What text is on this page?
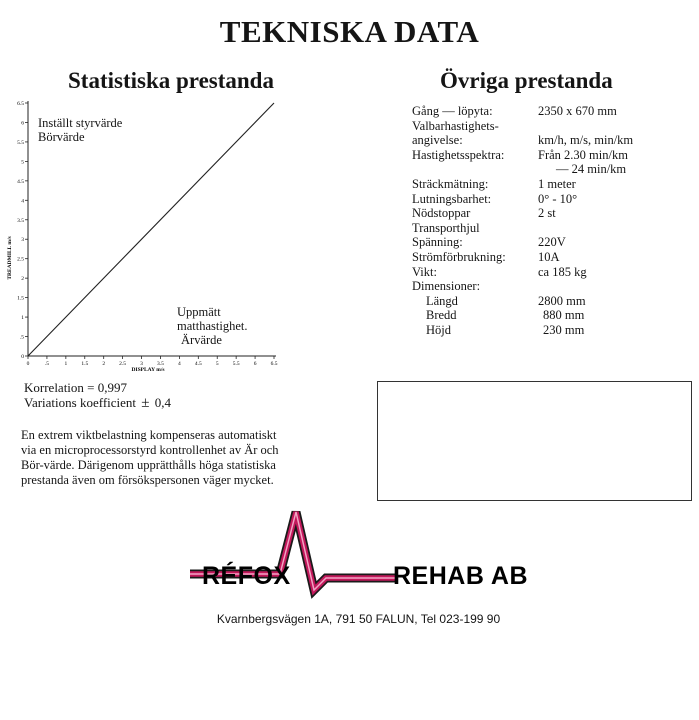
TEKNISKA DATA
Statistiska prestanda	Övriga prestanda
0	.5	1	1.5	2	2.5	3	3.5	4	4.5	5	5.5	6	6.5
0
.5
1
1.5
2
2.5
3
3.5
4
4.5
5
5.5
6
6.5
DISPLAY m/s
TREADMILL m/s
Inställt styrvärde
Börvärde
Uppmätt
matthastighet.
Ärvärde
Korrelation = 0,997
Variations koefficient ± 0,4
En extrem viktbelastning kompenseras automatiskt
via en microprocessorstyrd kontrollenhet av Är och
Bör-värde. Därigenom upprätthålls höga statistiska
prestanda även om försökspersonen väger mycket.
Gång — löpyta:	2350 x 670 mm
Valbarhastighets-
angivelse:	km/h, m/s, min/km
Hastighetsspektra:	Från 2.30 min/km
— 24 min/km
Sträckmätning:	1 meter
Lutningsbarhet:	0° - 10°
Nödstoppar	2 st
Transporthjul
Spänning:	220V
Strömförbrukning:	10A
Vikt:	ca 185 kg
Dimensioner:
Längd	2800 mm
Bredd	880 mm
Höjd	230 mm
RÉFOX	REHAB AB
Kvarnbergsvägen 1A, 791 50 FALUN, Tel 023-199 90
